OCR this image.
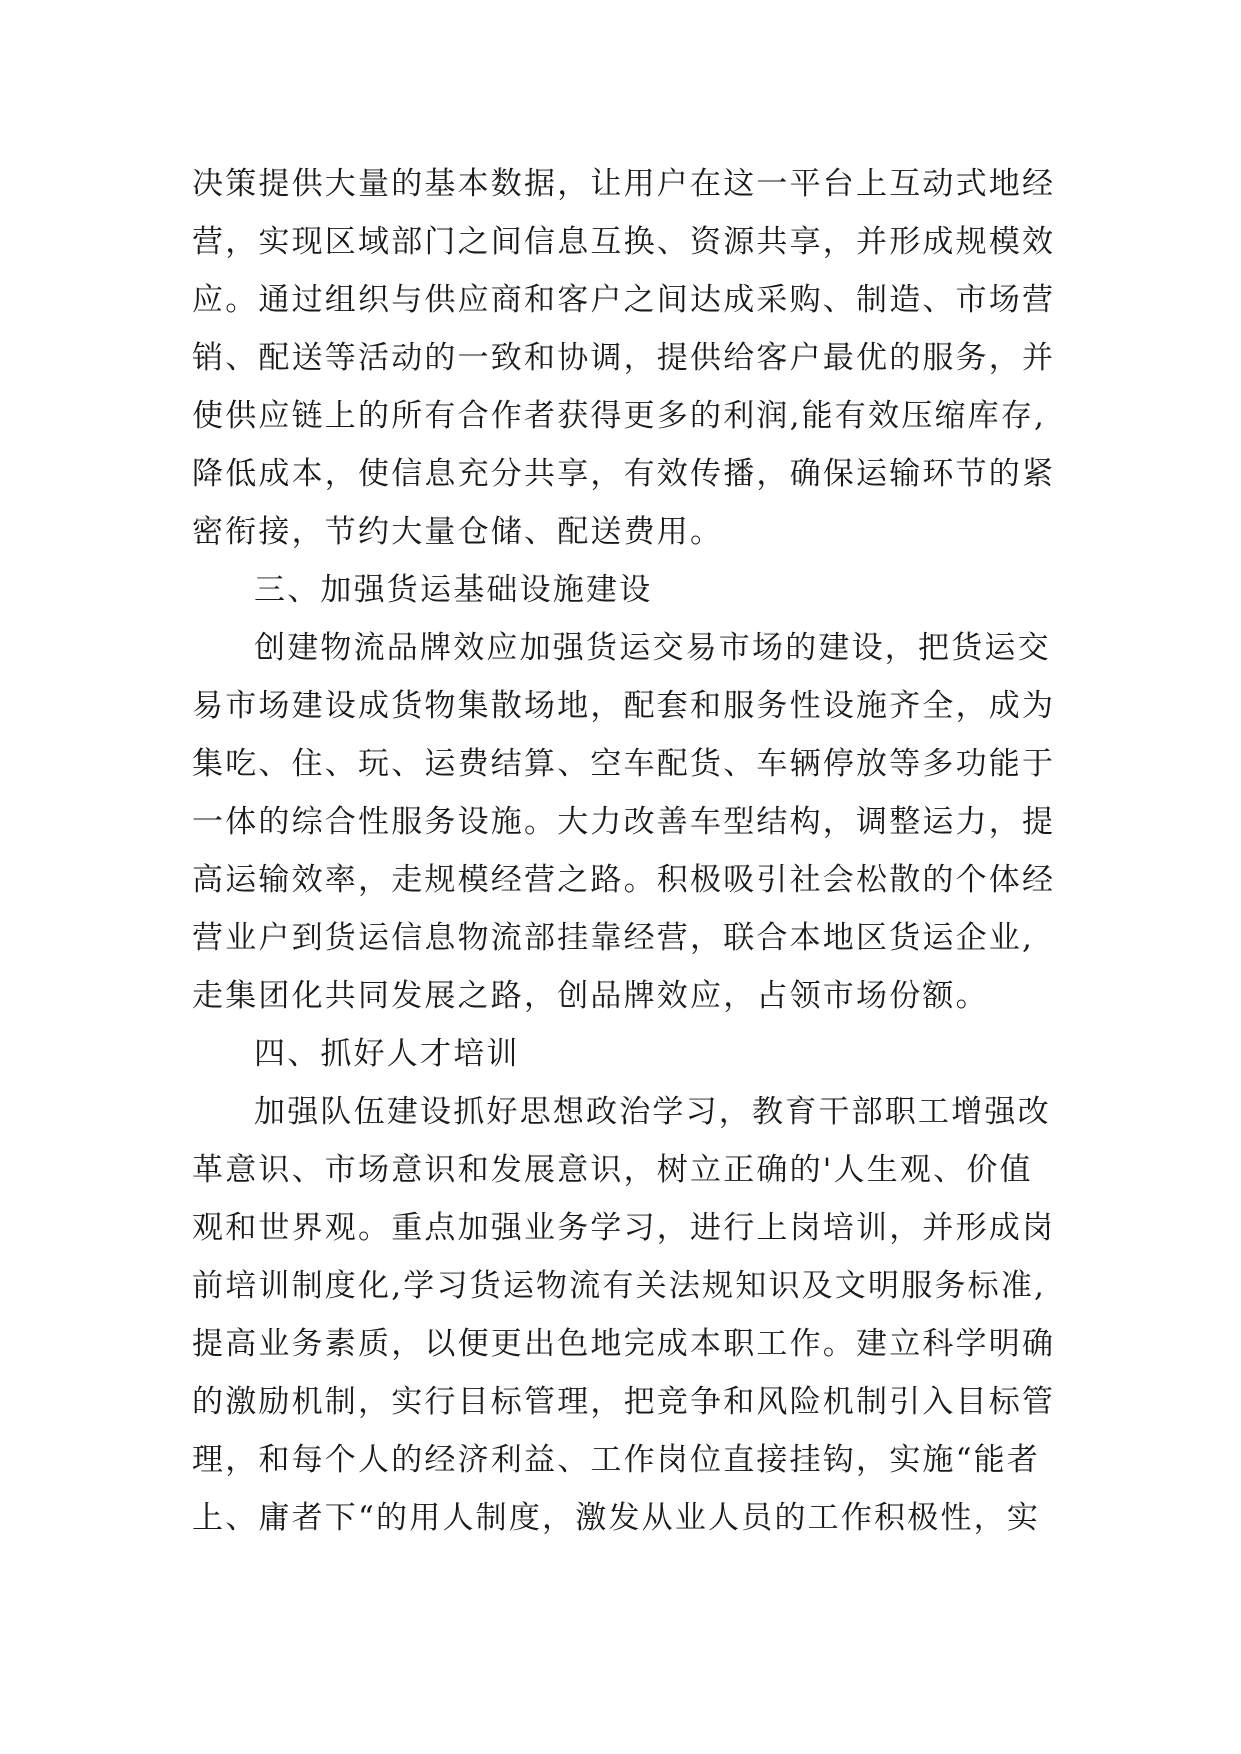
决策提供大量的基本数据，让用户在这一平台上互动式地经
营，实现区域部门之间信息互换、资源共享，并形成规模效
应。通过组织与供应商和客户之间达成采购、制造、市场营
销、配送等活动的一致和协调，提供给客户最优的服务，并
使供应链上的所有合作者获得更多的利润,能有效压缩库存,
降低成本，使信息充分共享，有效传播，确保运输环节的紧
密衔接，节约大量仓储、配送费用。
三、加强货运基础设施建设
创建物流品牌效应加强货运交易市场的建设，把货运交
易市场建设成货物集散场地，配套和服务性设施齐全，成为
集吃、住、玩、运费结算、空车配货、车辆停放等多功能于
一体的综合性服务设施。大力改善车型结构，调整运力，提
高运输效率，走规模经营之路。积极吸引社会松散的个体经
营业户到货运信息物流部挂靠经营，联合本地区货运企业,
走集团化共同发展之路，创品牌效应，占领市场份额。
四、抓好人才培训
加强队伍建设抓好思想政治学习，教育干部职工增强改
革意识、市场意识和发展意识，树立正确的'人生观、价值
观和世界观。重点加强业务学习，进行上岗培训，并形成岗
前培训制度化,学习货运物流有关法规知识及文明服务标准,
提高业务素质，以便更出色地完成本职工作。建立科学明确
的激励机制，实行目标管理，把竞争和风险机制引入目标管
理，和每个人的经济利益、工作岗位直接挂钩，实施“能者
上、庸者下“的用人制度，激发从业人员的工作积极性，实
